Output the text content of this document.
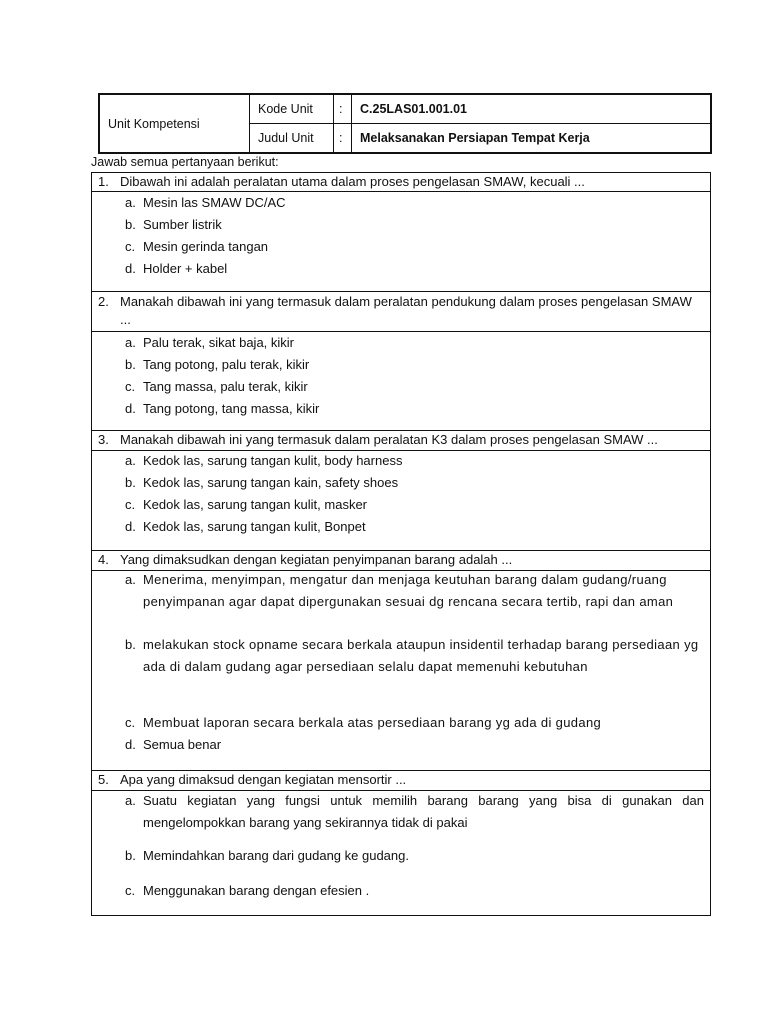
Unit Kompetensi
Kode Unit	:	C.25LAS01.001.01
Judul Unit	:	Melaksanakan Persiapan Tempat Kerja
Jawab semua pertanyaan berikut:
1. Dibawah ini adalah peralatan utama dalam proses pengelasan SMAW, kecuali ...
a. Mesin las SMAW DC/AC
b. Sumber listrik
c. Mesin gerinda tangan
d. Holder + kabel
2. Manakah dibawah ini yang termasuk dalam peralatan pendukung dalam proses pengelasan SMAW ...
a. Palu terak, sikat baja, kikir
b. Tang potong, palu terak, kikir
c. Tang massa, palu terak, kikir
d. Tang potong, tang massa, kikir
3. Manakah dibawah ini yang termasuk dalam peralatan K3 dalam proses pengelasan SMAW ...
a. Kedok las, sarung tangan kulit, body harness
b. Kedok las, sarung tangan kain, safety shoes
c. Kedok las, sarung tangan kulit, masker
d. Kedok las, sarung tangan kulit, Bonpet
4. Yang dimaksudkan dengan kegiatan penyimpanan barang adalah ...
a. Menerima, menyimpan, mengatur dan menjaga keutuhan barang dalam gudang/ruang penyimpanan agar dapat dipergunakan sesuai dg rencana secara tertib, rapi dan aman
b. melakukan stock opname secara berkala ataupun insidentil terhadap barang persediaan yg ada di dalam gudang agar persediaan selalu dapat memenuhi kebutuhan
c. Membuat laporan secara berkala atas persediaan barang yg ada di gudang
d. Semua benar
5. Apa yang dimaksud dengan kegiatan mensortir ...
a. Suatu kegiatan yang fungsi untuk memilih barang barang yang bisa di gunakan dan mengelompokkan barang yang sekirannya tidak di pakai
b. Memindahkan barang dari gudang ke gudang.
c. Menggunakan barang dengan efesien .
